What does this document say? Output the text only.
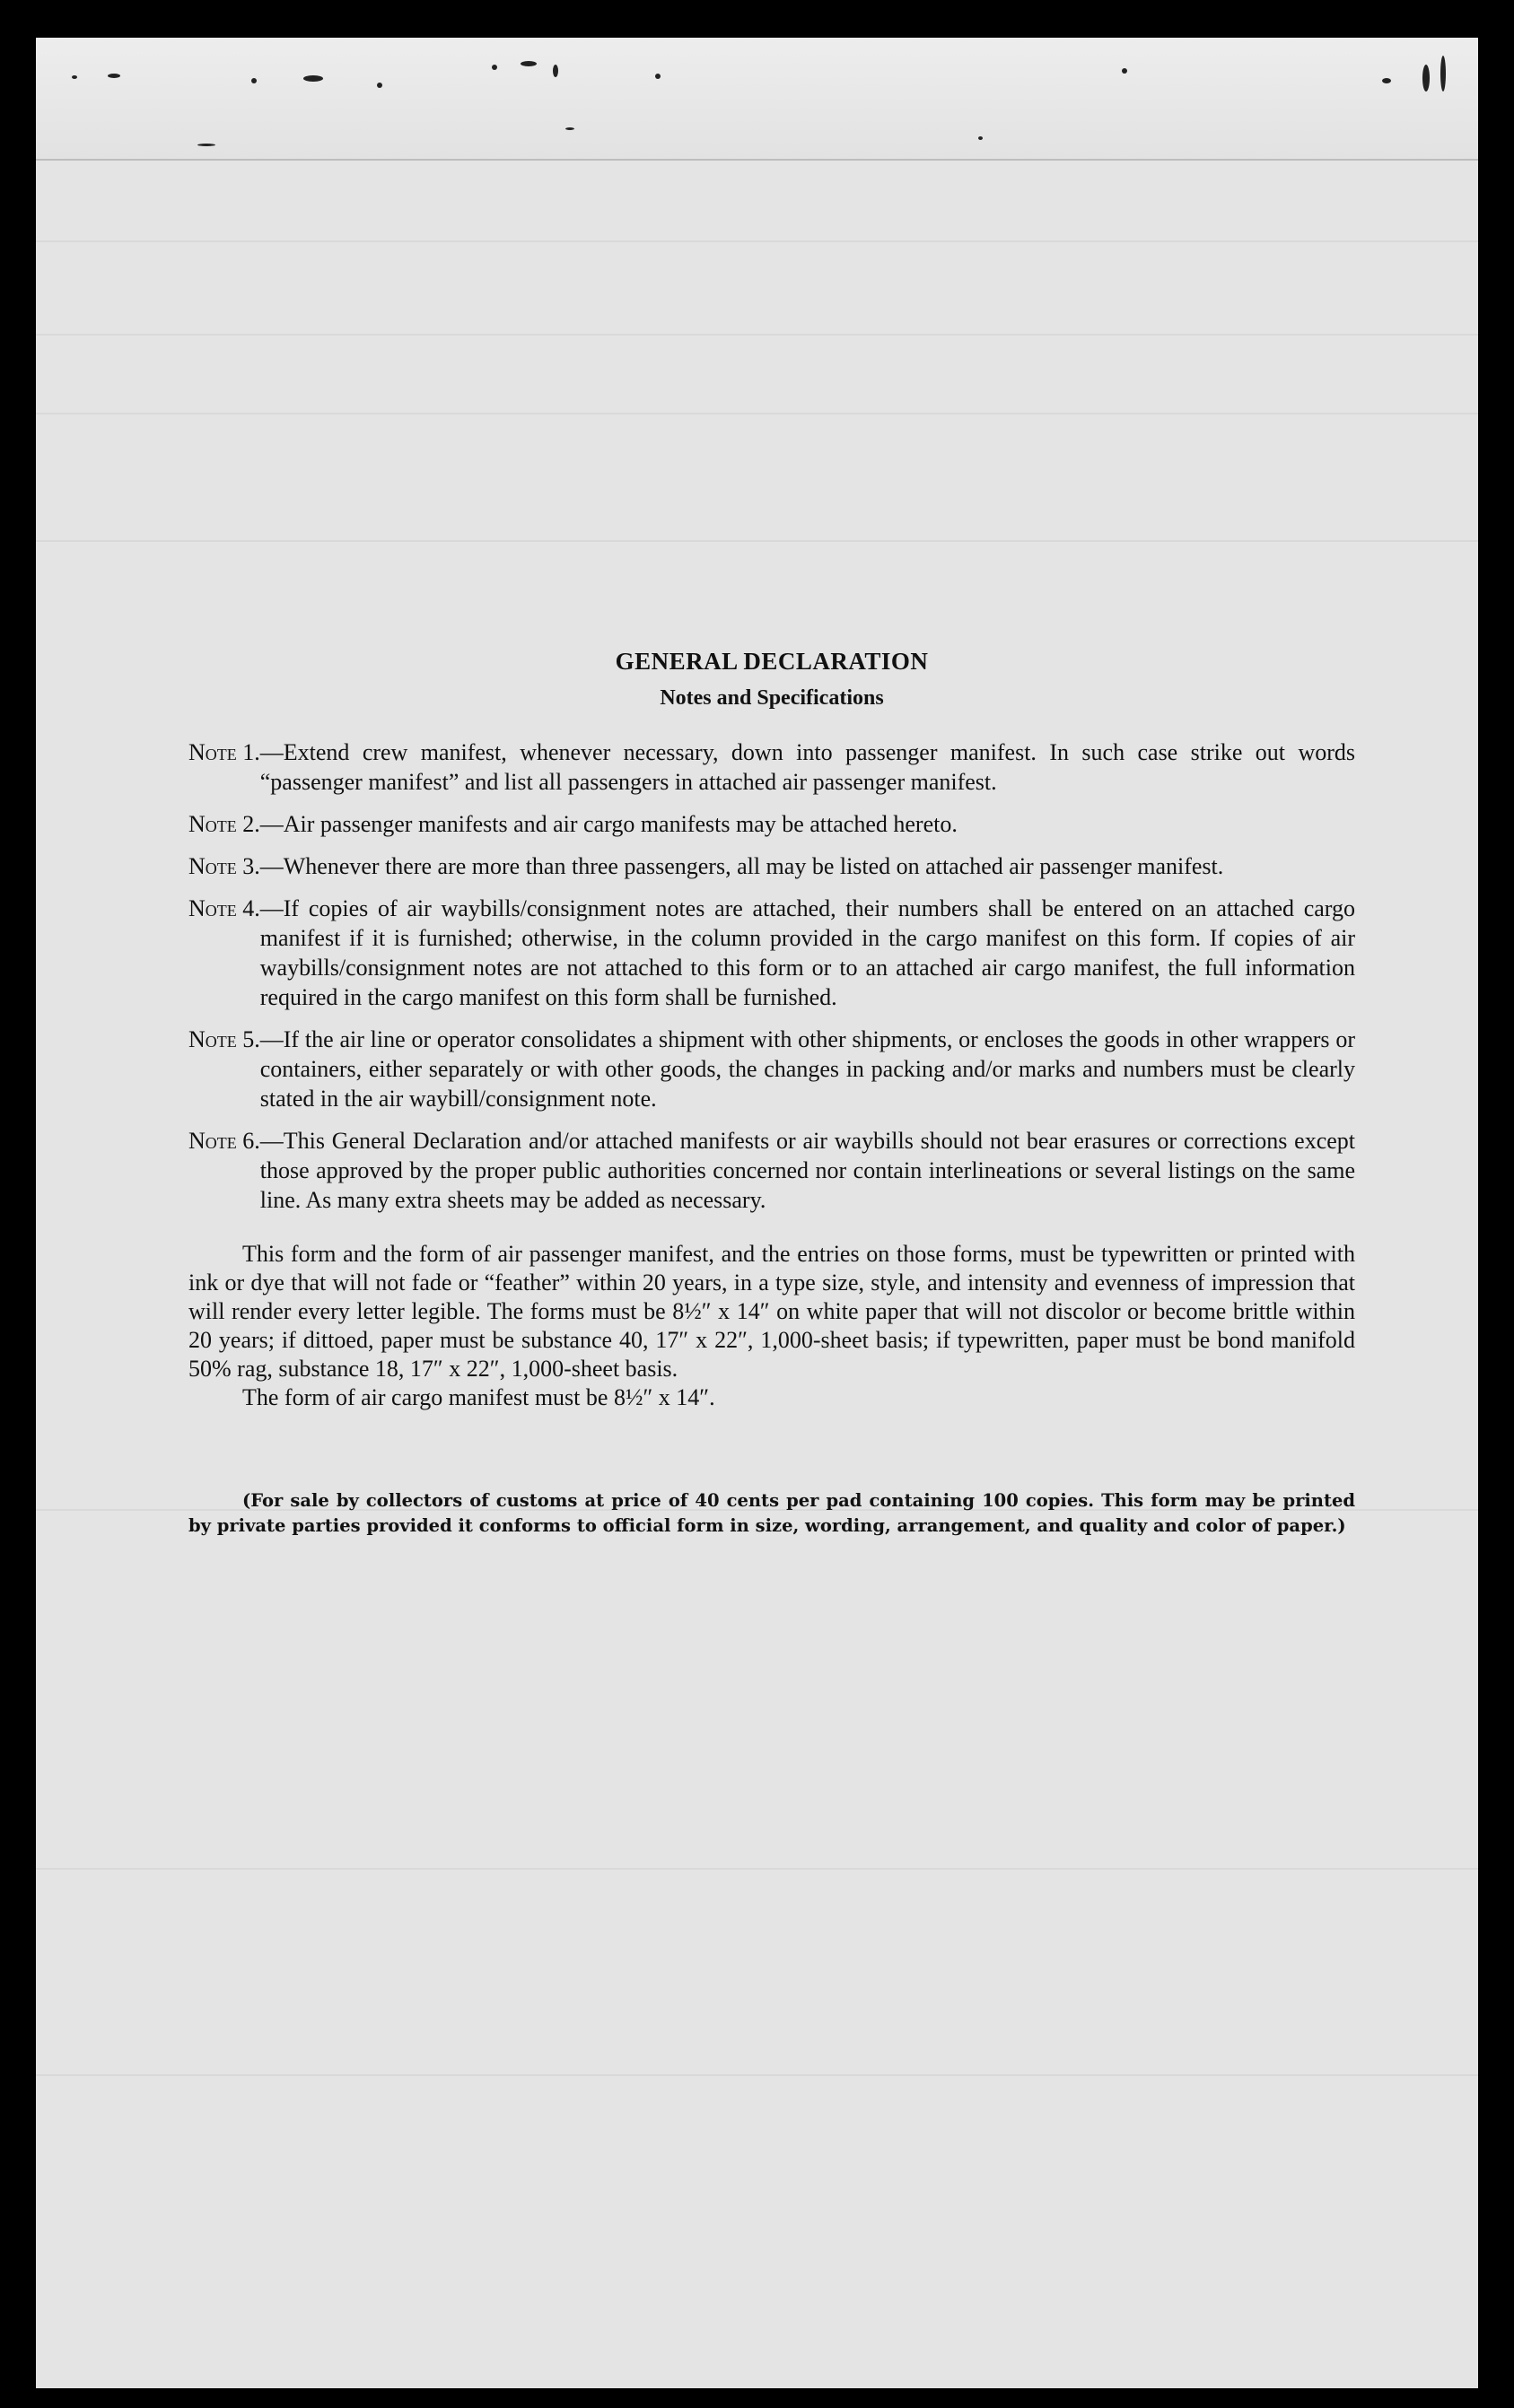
GENERAL DECLARATION
Notes and Specifications
Note 1. —Extend crew manifest, whenever necessary, down into passenger manifest. In such case strike out words “passenger manifest” and list all passengers in attached air passenger manifest.
Note 2. —Air passenger manifests and air cargo manifests may be attached hereto.
Note 3. —Whenever there are more than three passengers, all may be listed on attached air passenger manifest.
Note 4. —If copies of air waybills/consignment notes are attached, their numbers shall be entered on an attached cargo manifest if it is furnished; otherwise, in the column provided in the cargo manifest on this form. If copies of air waybills/consignment notes are not attached to this form or to an attached air cargo manifest, the full information required in the cargo manifest on this form shall be furnished.
Note 5. —If the air line or operator consolidates a shipment with other shipments, or encloses the goods in other wrappers or containers, either separately or with other goods, the changes in packing and/or marks and numbers must be clearly stated in the air waybill/consignment note.
Note 6. —This General Declaration and/or attached manifests or air waybills should not bear erasures or corrections except those approved by the proper public authorities concerned nor contain interlineations or several listings on the same line. As many extra sheets may be added as necessary.

This form and the form of air passenger manifest, and the entries on those forms, must be typewritten or printed with ink or dye that will not fade or “feather” within 20 years, in a type size, style, and intensity and evenness of impression that will render every letter legible. The forms must be 8½″ x 14″ on white paper that will not discolor or become brittle within 20 years; if dittoed, paper must be substance 40, 17″ x 22″, 1,000-sheet basis; if typewritten, paper must be bond manifold 50% rag, substance 18, 17″ x 22″, 1,000-sheet basis.

The form of air cargo manifest must be 8½″ x 14″.

(For sale by collectors of customs at price of 40 cents per pad containing 100 copies. This form may be printed by private parties provided it conforms to official form in size, wording, arrangement, and quality and color of paper.)
